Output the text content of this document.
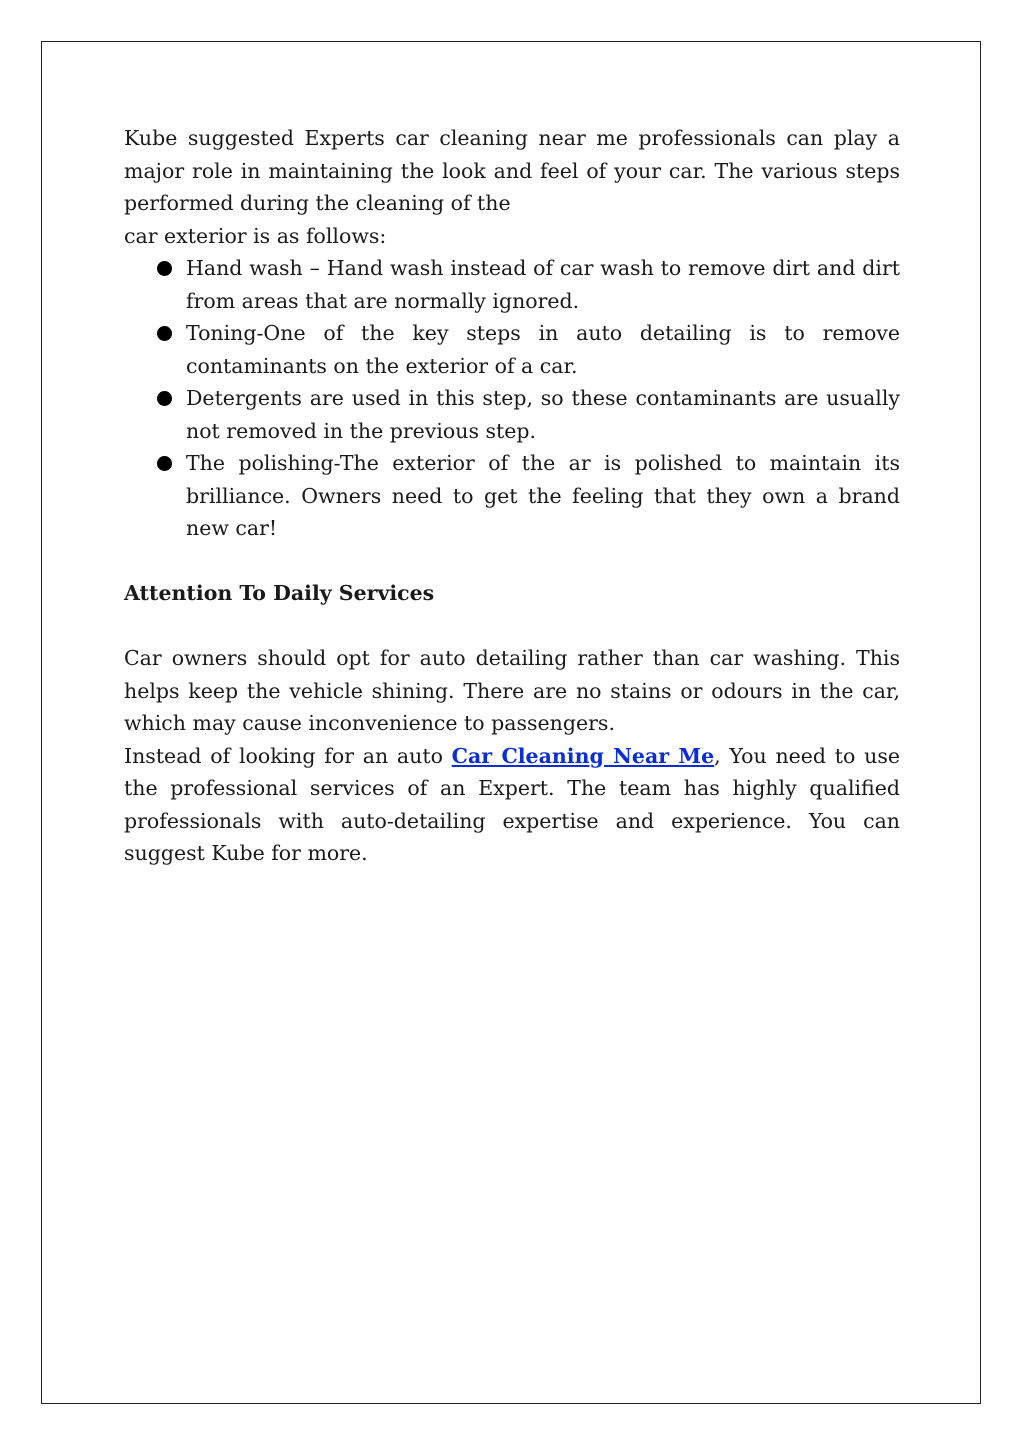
Kube suggested Experts car cleaning near me professionals can play a major role in maintaining the look and feel of your car. The various steps performed during the cleaning of the

car exterior is as follows:

Hand wash – Hand wash instead of car wash to remove dirt and dirt from areas that are normally ignored.
Toning-One of the key steps in auto detailing is to remove contaminants on the exterior of a car.
Detergents are used in this step, so these contaminants are usually not removed in the previous step.
The polishing-The exterior of the ar is polished to maintain its brilliance. Owners need to get the feeling that they own a brand new car!
Attention To Daily Services

Car owners should opt for auto detailing rather than car washing. This helps keep the vehicle shining. There are no stains or odours in the car, which may cause inconvenience to passengers.

Instead of looking for an auto Car Cleaning Near Me, You need to use the professional services of an Expert. The team has highly qualified professionals with auto-detailing expertise and experience. You can suggest Kube for more.
